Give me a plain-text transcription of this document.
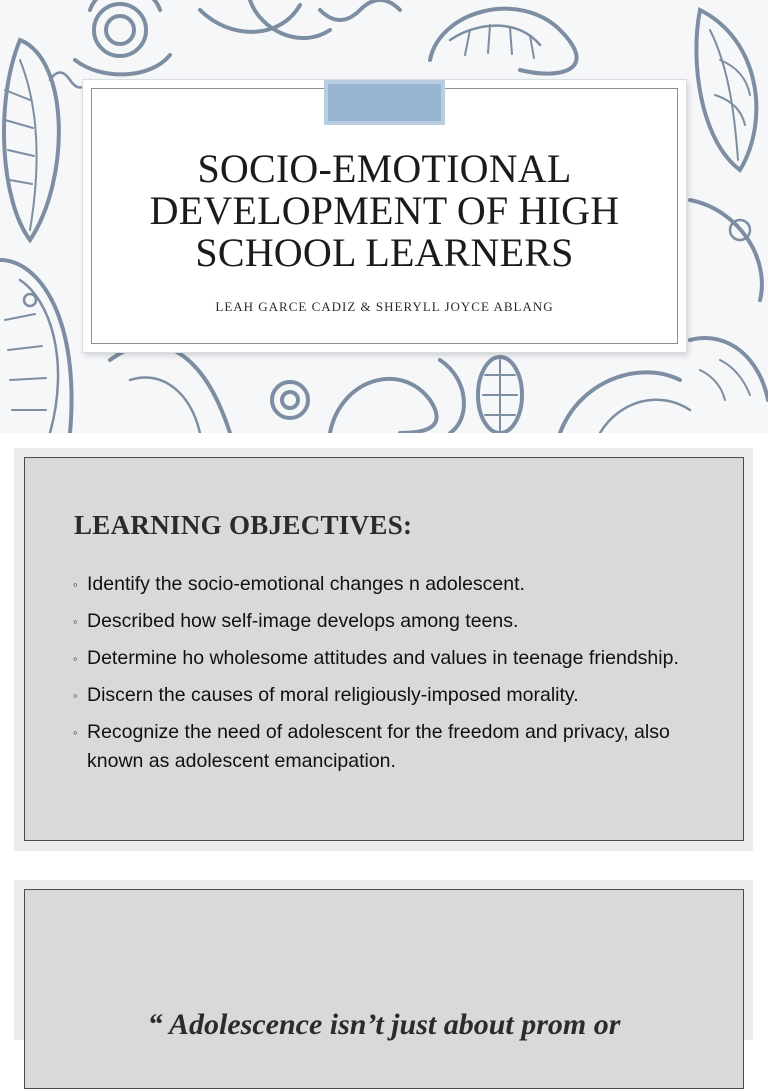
SOCIO-EMOTIONAL
DEVELOPMENT OF HIGH
SCHOOL LEARNERS
LEAH GARCE CADIZ & SHERYLL JOYCE ABLANG
LEARNING OBJECTIVES:
◦ Identify the socio-emotional changes n adolescent.
◦ Described how self-image develops among teens.
◦ Determine ho wholesome attitudes and values in teenage friendship.
◦ Discern the causes of moral religiously-imposed morality.
◦ Recognize the need of adolescent for the freedom and privacy, also known as adolescent emancipation.
“ Adolescence isn’t just about prom or
